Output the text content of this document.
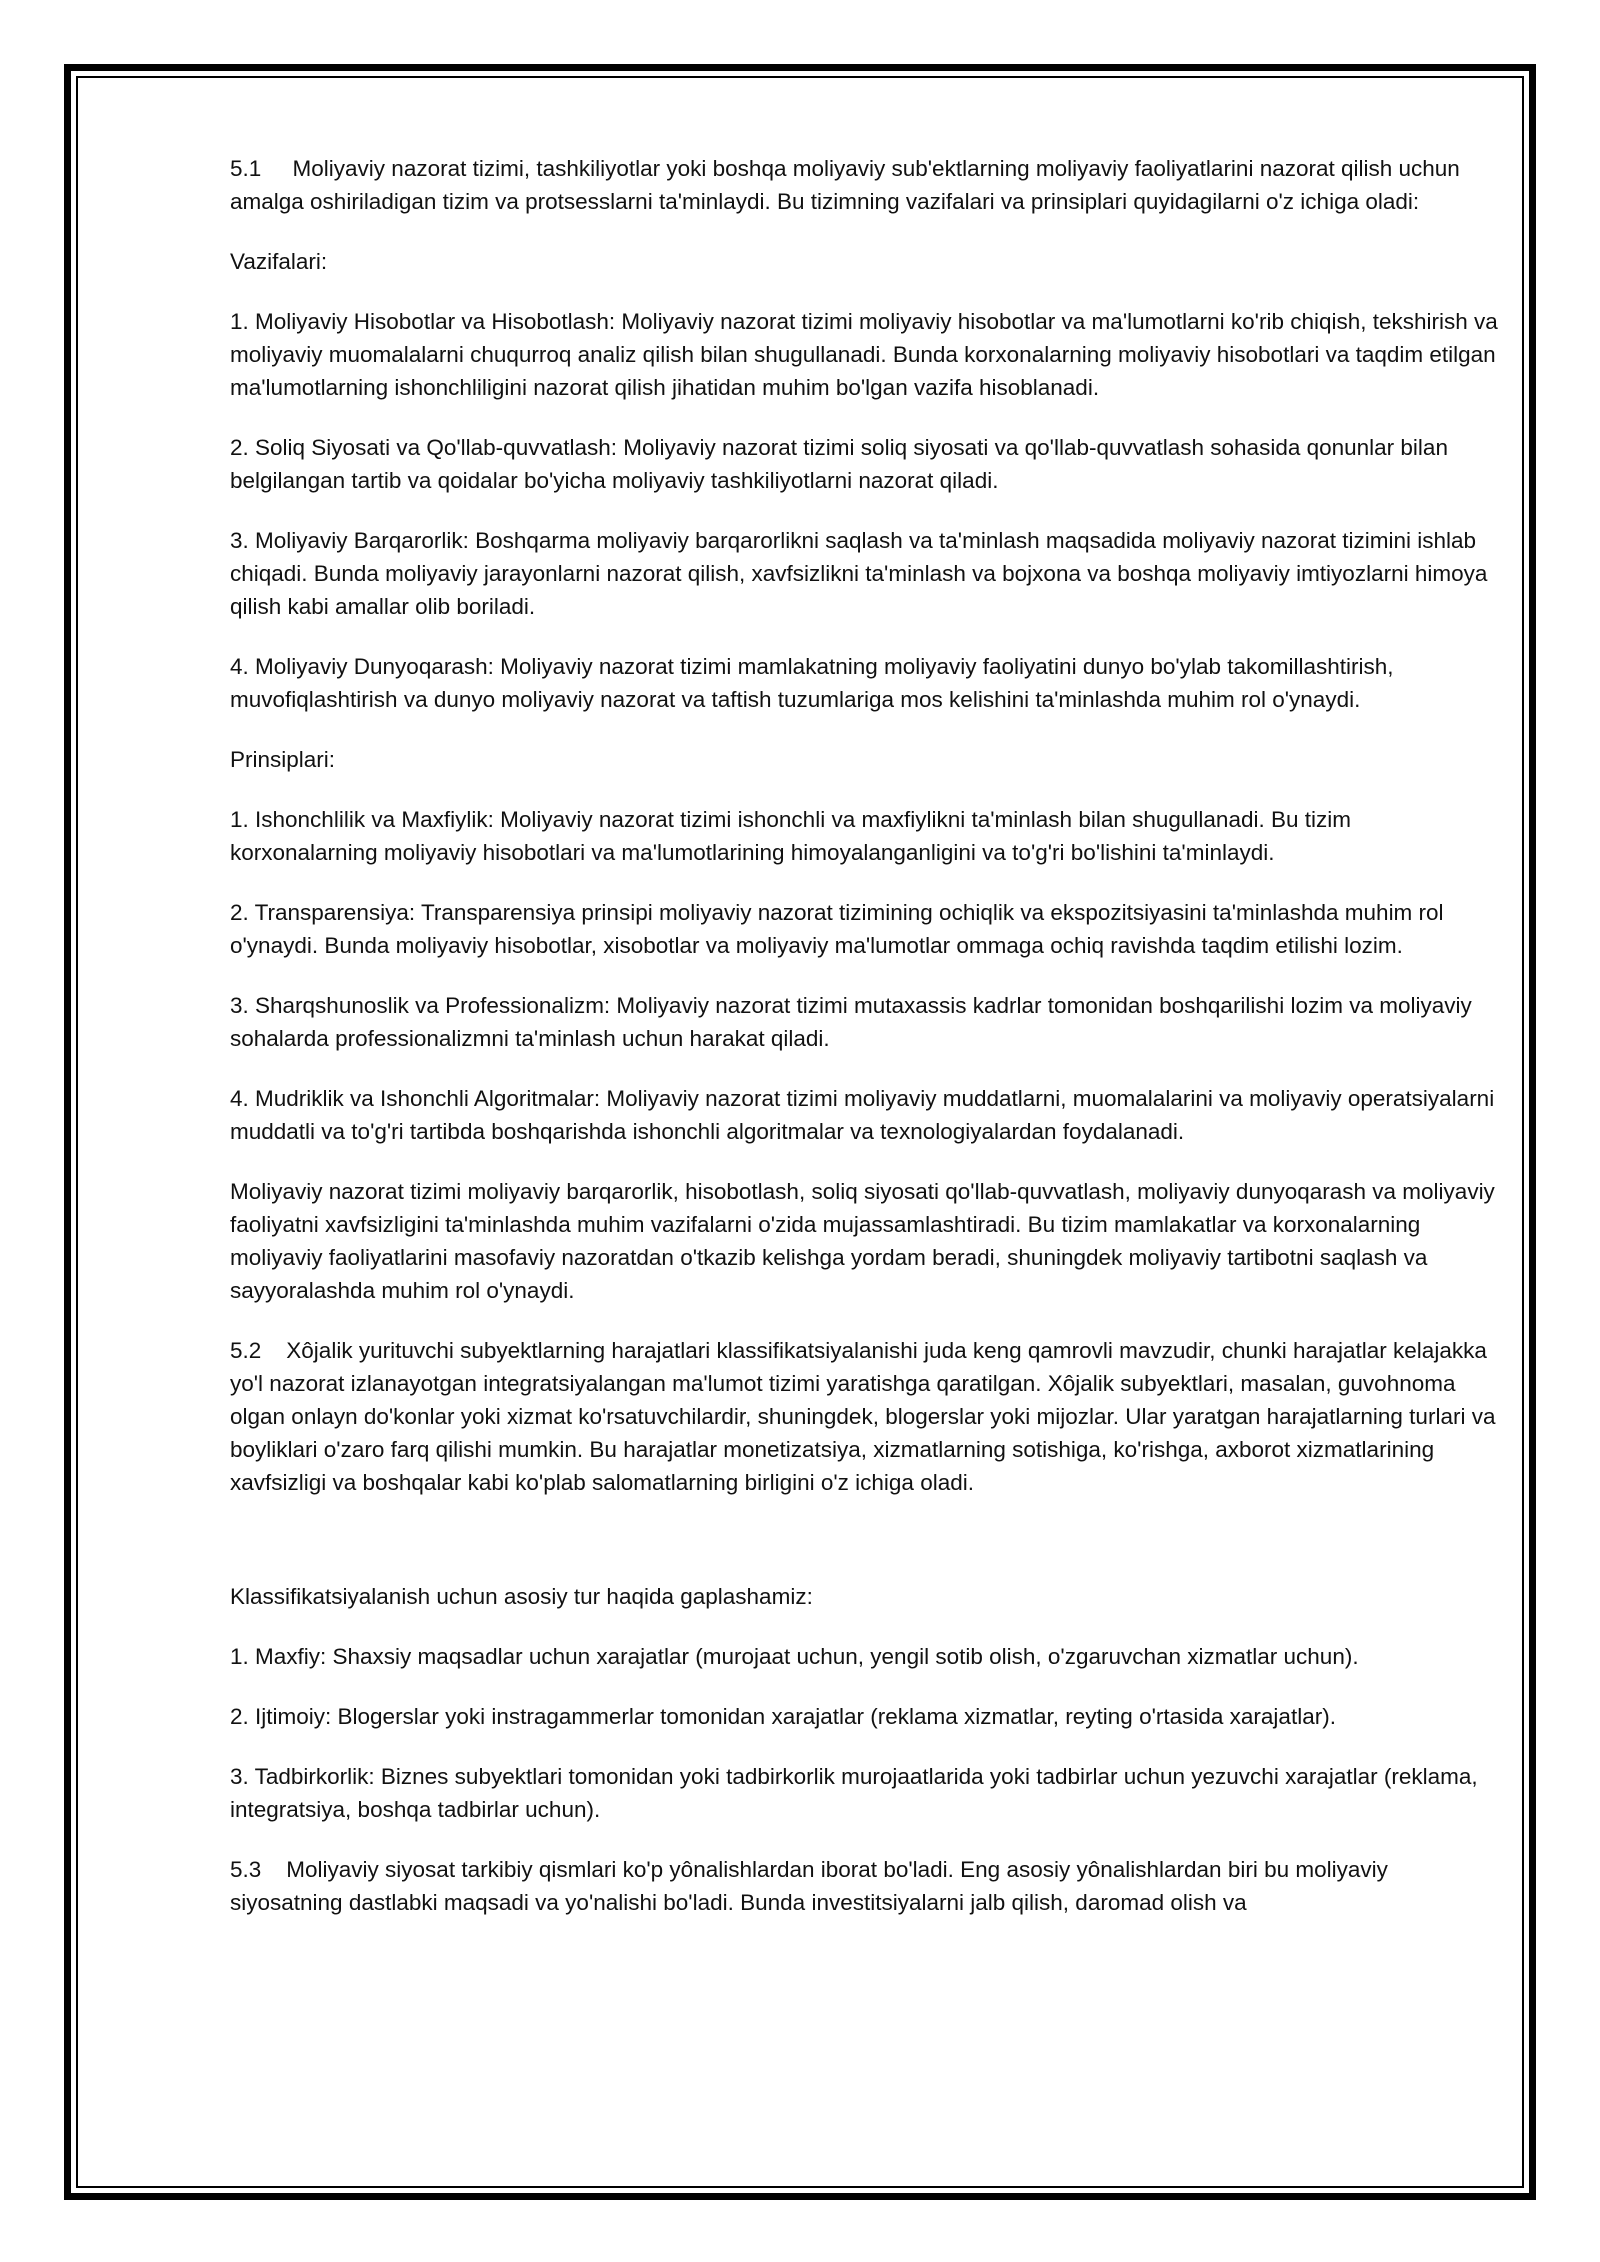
5.1     Moliyaviy nazorat tizimi, tashkiliyotlar yoki boshqa moliyaviy sub'ektlarning moliyaviy faoliyatlarini nazorat qilish uchun amalga oshiriladigan tizim va protsesslarni ta'minlaydi. Bu tizimning vazifalari va prinsiplari quyidagilarni o'z ichiga oladi:

Vazifalari:

1. Moliyaviy Hisobotlar va Hisobotlash: Moliyaviy nazorat tizimi moliyaviy hisobotlar va ma'lumotlarni ko'rib chiqish, tekshirish va moliyaviy muomalalarni chuqurroq analiz qilish bilan shugullanadi. Bunda korxonalarning moliyaviy hisobotlari va taqdim etilgan ma'lumotlarning ishonchliligini nazorat qilish jihatidan muhim bo'lgan vazifa hisoblanadi.

2. Soliq Siyosati va Qo'llab-quvvatlash: Moliyaviy nazorat tizimi soliq siyosati va qo'llab-quvvatlash sohasida qonunlar bilan belgilangan tartib va qoidalar bo'yicha moliyaviy tashkiliyotlarni nazorat qiladi.

3. Moliyaviy Barqarorlik: Boshqarma moliyaviy barqarorlikni saqlash va ta'minlash maqsadida moliyaviy nazorat tizimini ishlab chiqadi. Bunda moliyaviy jarayonlarni nazorat qilish, xavfsizlikni ta'minlash va bojxona va boshqa moliyaviy imtiyozlarni himoya qilish kabi amallar olib boriladi.

4. Moliyaviy Dunyoqarash: Moliyaviy nazorat tizimi mamlakatning moliyaviy faoliyatini dunyo bo'ylab takomillashtirish, muvofiqlashtirish va dunyo moliyaviy nazorat va taftish tuzumlariga mos kelishini ta'minlashda muhim rol o'ynaydi.

Prinsiplari:

1. Ishonchlilik va Maxfiylik: Moliyaviy nazorat tizimi ishonchli va maxfiylikni ta'minlash bilan shugullanadi. Bu tizim korxonalarning moliyaviy hisobotlari va ma'lumotlarining himoyalanganligini va to'g'ri bo'lishini ta'minlaydi.

2. Transparensiya: Transparensiya prinsipi moliyaviy nazorat tizimining ochiqlik va ekspozitsiyasini ta'minlashda muhim rol o'ynaydi. Bunda moliyaviy hisobotlar, xisobotlar va moliyaviy ma'lumotlar ommaga ochiq ravishda taqdim etilishi lozim.

3. Sharqshunoslik va Professionalizm: Moliyaviy nazorat tizimi mutaxassis kadrlar tomonidan boshqarilishi lozim va moliyaviy sohalarda professionalizmni ta'minlash uchun harakat qiladi.

4. Mudriklik va Ishonchli Algoritmalar: Moliyaviy nazorat tizimi moliyaviy muddatlarni, muomalalarini va moliyaviy operatsiyalarni muddatli va to'g'ri tartibda boshqarishda ishonchli algoritmalar va texnologiyalardan foydalanadi.

Moliyaviy nazorat tizimi moliyaviy barqarorlik, hisobotlash, soliq siyosati qo'llab-quvvatlash, moliyaviy dunyoqarash va moliyaviy faoliyatni xavfsizligini ta'minlashda muhim vazifalarni o'zida mujassamlashtiradi. Bu tizim mamlakatlar va korxonalarning moliyaviy faoliyatlarini masofaviy nazoratdan o'tkazib kelishga yordam beradi, shuningdek moliyaviy tartibotni saqlash va sayyoralashda muhim rol o'ynaydi.

5.2    Xôjalik yurituvchi subyektlarning harajatlari klassifikatsiyalanishi juda keng qamrovli mavzudir, chunki harajatlar kelajakka yo'l nazorat izlanayotgan integratsiyalangan ma'lumot tizimi yaratishga qaratilgan. Xôjalik subyektlari, masalan, guvohnoma olgan onlayn do'konlar yoki xizmat ko'rsatuvchilardir, shuningdek, blogerslar yoki mijozlar. Ular yaratgan harajatlarning turlari va boyliklari o'zaro farq qilishi mumkin. Bu harajatlar monetizatsiya, xizmatlarning sotishiga, ko'rishga, axborot xizmatlarining xavfsizligi va boshqalar kabi ko'plab salomatlarning birligini o'z ichiga oladi.

Klassifikatsiyalanish uchun asosiy tur haqida gaplashamiz:

1. Maxfiy: Shaxsiy maqsadlar uchun xarajatlar (murojaat uchun, yengil sotib olish, o'zgaruvchan xizmatlar uchun).

2. Ijtimoiy: Blogerslar yoki instragammerlar tomonidan xarajatlar (reklama xizmatlar, reyting o'rtasida xarajatlar).

3. Tadbirkorlik: Biznes subyektlari tomonidan yoki tadbirkorlik murojaatlarida yoki tadbirlar uchun yezuvchi xarajatlar (reklama, integratsiya, boshqa tadbirlar uchun).

5.3    Moliyaviy siyosat tarkibiy qismlari ko'p yônalishlardan iborat bo'ladi. Eng asosiy yônalishlardan biri bu moliyaviy siyosatning dastlabki maqsadi va yo'nalishi bo'ladi. Bunda investitsiyalarni jalb qilish, daromad olish va
